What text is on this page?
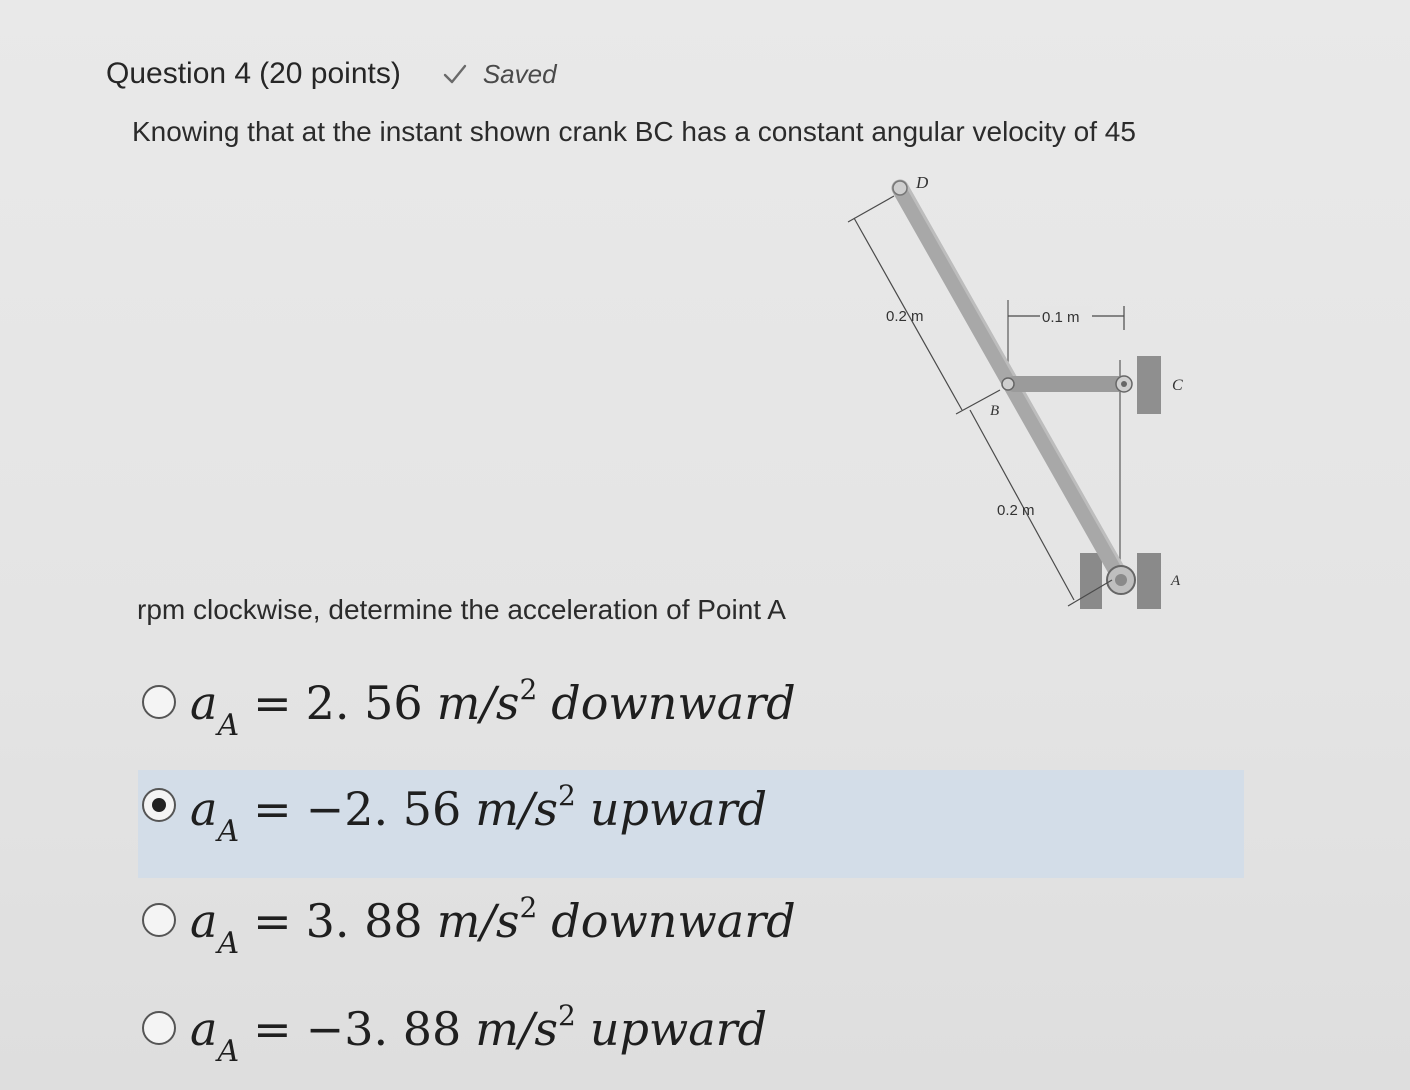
Question 4 (20 points)	Saved
Knowing that at the instant shown crank BC has a constant angular velocity of 45
D
B
C
A
0.2 m
0.2 m
0.1 m
rpm clockwise, determine the acceleration of Point A
$a_A = 2$. 56 $m/s^2$ downward
$a_A = -2$. 56 $m/s^2$ upward
$a_A = 3$. 88 $m/s^2$ downward
$a_A = -3$. 88 $m/s^2$ upward
